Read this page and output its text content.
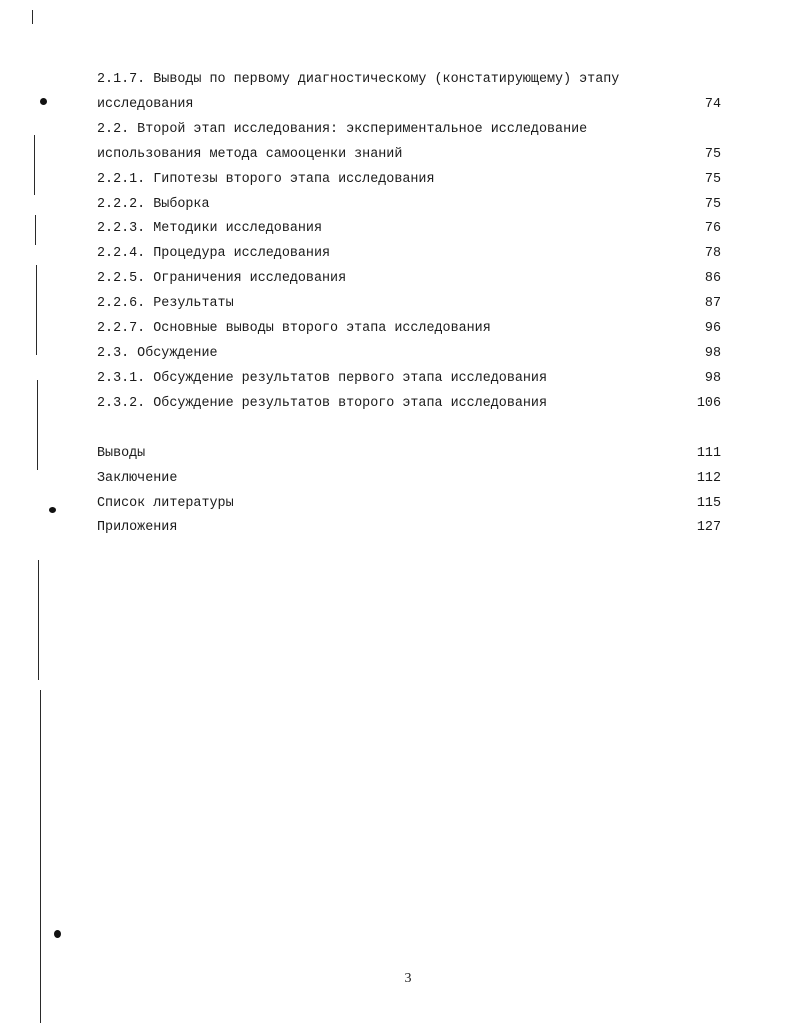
2.1.7. Выводы по первому диагностическому (констатирующему) этапу
исследования	74
2.2. Второй этап исследования: экспериментальное исследование
использования метода самооценки знаний	75
2.2.1. Гипотезы второго этапа исследования	75
2.2.2. Выборка	75
2.2.3. Методики исследования	76
2.2.4. Процедура исследования	78
2.2.5. Ограничения исследования	86
2.2.6. Результаты	87
2.2.7. Основные выводы второго этапа исследования	96
2.3. Обсуждение	98
2.3.1. Обсуждение результатов первого этапа исследования	98
2.3.2. Обсуждение результатов второго этапа исследования	106
Выводы	111
Заключение	112
Список литературы	115
Приложения	127
3
